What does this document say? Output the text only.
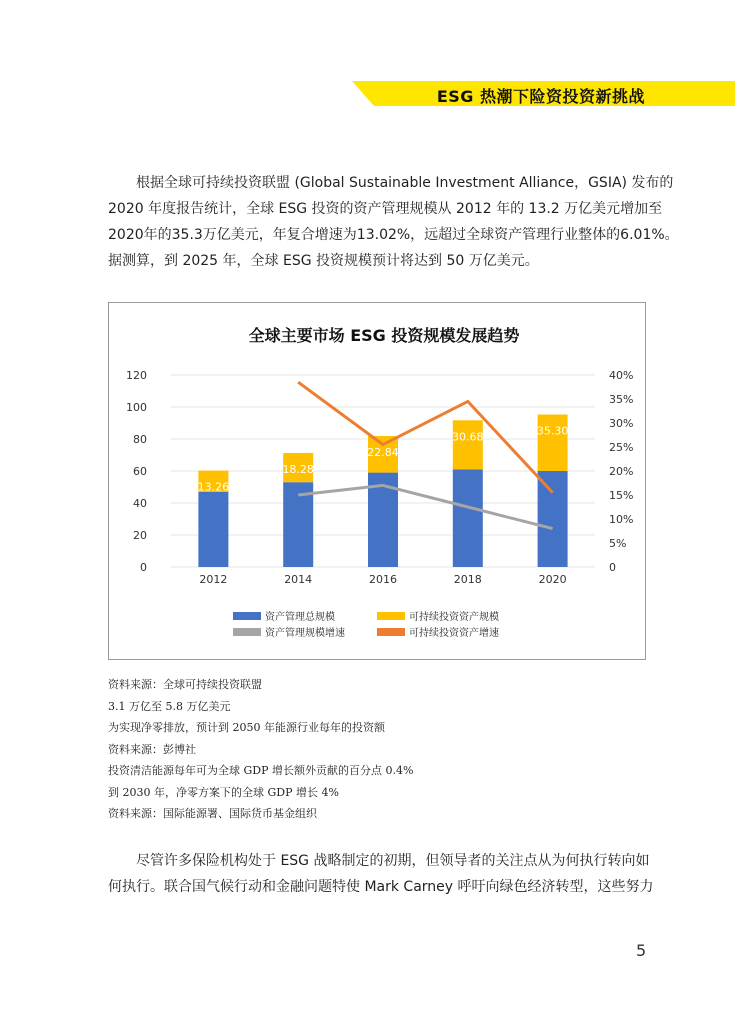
ESG 热潮下险资投资新挑战

根据全球可持续投资联盟 (Global Sustainable Investment Alliance，GSIA) 发布的

2020 年度报告统计，全球 ESG 投资的资产管理规模从 2012 年的 13.2 万亿美元增加至

2020年的35.3万亿美元，年复合增速为13.02%，远超过全球资产管理行业整体的6.01%。

据测算，到 2025 年，全球 ESG 投资规模预计将达到 50 万亿美元。

全球主要市场 ESG 投资规模发展趋势
13.26
18.28
22.84
30.68	35.30
0
20
40
60
80
100
120
0
5%
10%
15%
20%
25%
30%
35%
40%
2012	2014	2016	2018	2020
资产管理总规模	可持续投资资产规模
资产管理规模增速	可持续投资资产增速
资料来源：全球可持续投资联盟
3.1 万亿至 5.8 万亿美元
为实现净零排放，预计到 2050 年能源行业每年的投资额
资料来源：彭博社
投资清洁能源每年可为全球 GDP 增长额外贡献的百分点 0.4%
到 2030 年，净零方案下的全球 GDP 增长 4%
资料来源：国际能源署、国际货币基金组织

尽管许多保险机构处于 ESG 战略制定的初期，但领导者的关注点从为何执行转向如

何执行。联合国气候行动和金融问题特使 Mark Carney 呼吁向绿色经济转型，这些努力

5
